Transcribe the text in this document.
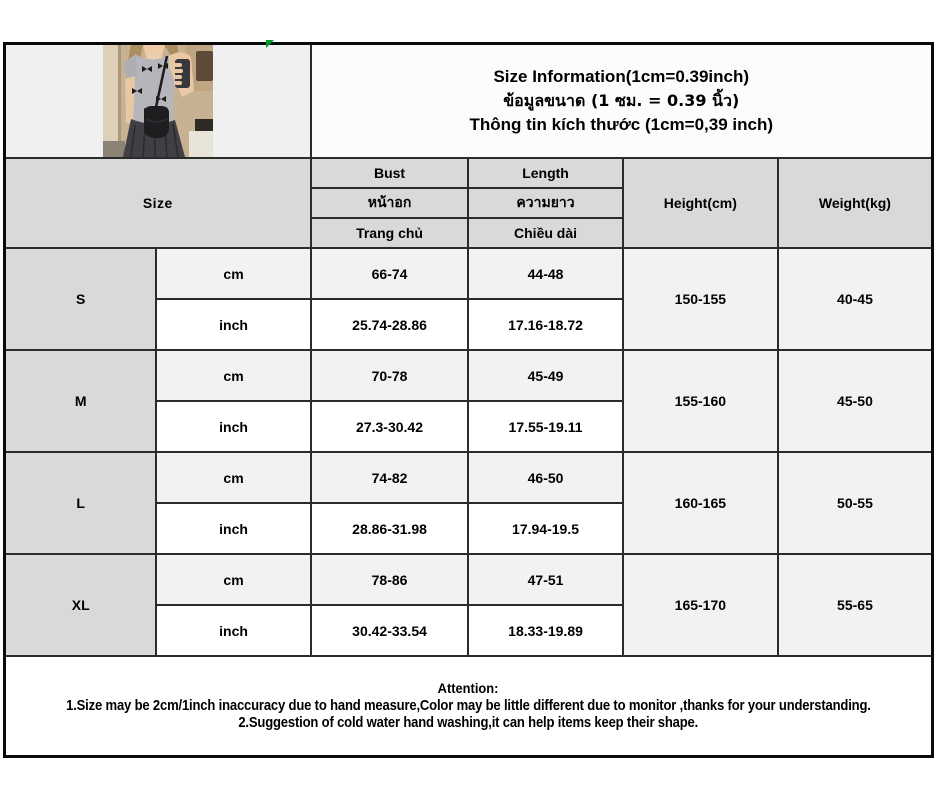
Size Information(1cm=0.39inch)
ข้อมูลขนาด (1 ซม. = 0.39 นิ้ว)
Thông tin kích thước (1cm=0,39 inch)			

Size		Bust	Length	Height(cm)	Weight(kg)
		หน้าอก	ความยาว		
		Trang chủ	Chiều dài		
S	cm	66-74	44-48	150-155	40-45
	inch	25.74-28.86	17.16-18.72		
M	cm	70-78	45-49	155-160	45-50
	inch	27.3-30.42	17.55-19.11		
L	cm	74-82	46-50	160-165	50-55
	inch	28.86-31.98	17.94-19.5		
XL	cm	78-86	47-51	165-170	55-65
	inch	30.42-33.54	18.33-19.89		

Attention:
1.Size may be 2cm/1inch inaccuracy due to hand measure,Color may be little different due to monitor ,thanks for your understanding.
2.Suggestion of cold water hand washing,it can help items keep their shape.					
